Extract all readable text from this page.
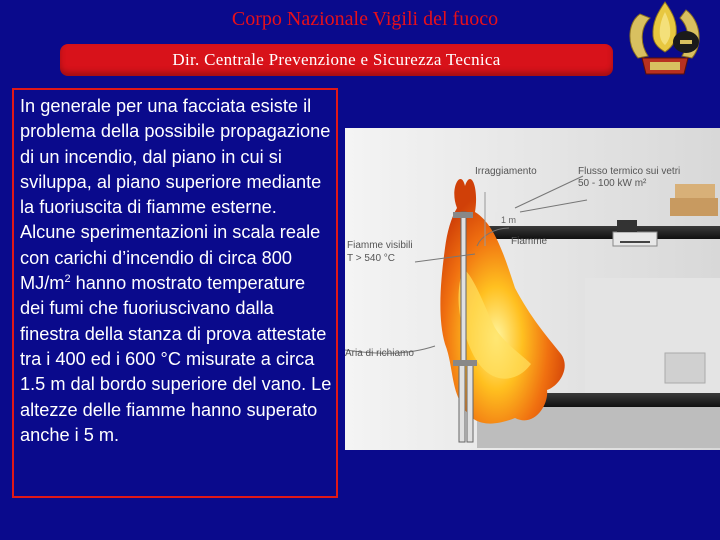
Corpo Nazionale Vigili del fuoco
Dir. Centrale Prevenzione e Sicurezza Tecnica
In generale per una facciata esiste il problema della possibile propagazione di un incendio, dal piano in cui si sviluppa, al piano superiore mediante la fuoriuscita di fiamme esterne. Alcune sperimentazioni in scala reale con carichi d’incendio di circa 800 $MJ/m^2$ hanno mostrato temperature dei fumi che fuoriuscivano dalla finestra della stanza di prova attestate tra i 400 ed i 600 °C misurate a circa 1.5 m dal bordo superiore del vano. Le altezze delle fiamme hanno superato anche i 5 m.
Irraggiamento	Flusso termico sui vetri
50 - 100 kW m²
1 m
Fiamme
Fiamme visibili
T > 540 °C
Aria di richiamo
